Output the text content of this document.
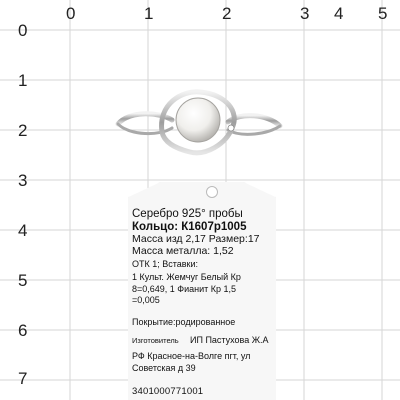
0	1	2	3 4 5
0
1
2
3
4
5
6
7
Серебро 925° пробы
Кольцо: К1607р1005
Масса изд 2,17 Размер:17
Масса металла: 1,52
ОТК 1; Вставки:
1 Культ. Жемчуг Белый Кр
8=0,649, 1 Фианит Кр 1,5
=0,005
Покрытие:родированное
Изготовитель ИП Пастухова Ж.А
РФ Красное-на-Волге пгт, ул
Советская д 39
3401000771001
